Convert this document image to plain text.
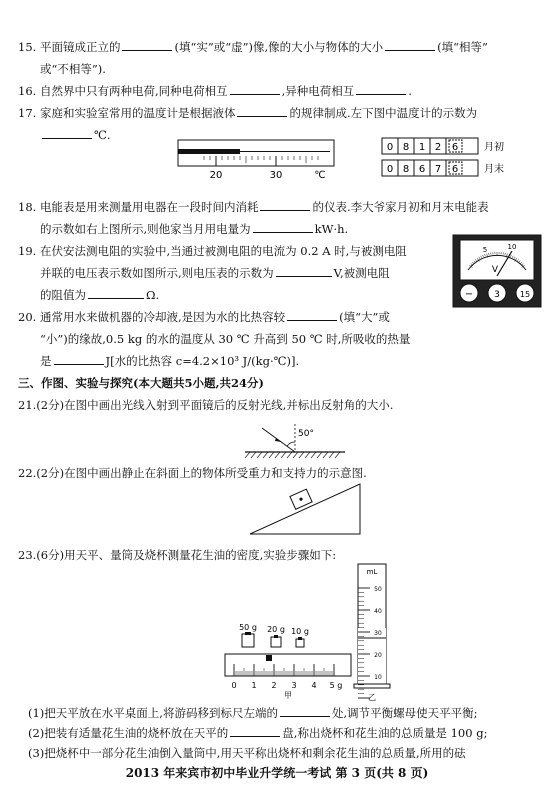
15. 平面镜成正立的	(填“实”或“虚”)像,像的大小与物体的大小	(填“相等”
或“不相等”).
16. 自然界中只有两种电荷,同种电荷相互	,异种电荷相互	.
17. 家庭和实验室常用的温度计是根据液体	的规律制成.左下图中温度计的示数为
℃.
20	30	℃
0 8 1 2 6	月初
0 8 6 7 6	月末
18. 电能表是用来测量用电器在一段时间内消耗	的仪表.李大爷家月初和月末电能表
的示数如右上图所示,则他家当月用电量为	kW·h.
19. 在伏安法测电阻的实验中,当通过被测电阻的电流为 0.2 A 时,与被测电阻
并联的电压表示数如图所示,则电压表的示数为	V,被测电阻
的阻值为	Ω.
5	10
V
− 3	15
20. 通常用水来做机器的冷却液,是因为水的比热容较	(填“大”或
“小”)的缘故,0.5 kg 的水的温度从 30 ℃ 升高到 50 ℃ 时,所吸收的热量
是	J[水的比热容 c=4.2×10³ J/(kg·℃)].
三、作图、实验与探究(本大题共5小题,共24分)
21.(2分)在图中画出光线入射到平面镜后的反射光线,并标出反射角的大小.
50°
22.(2分)在图中画出静止在斜面上的物体所受重力和支持力的示意图.
23.(6分)用天平、量筒及烧杯测量花生油的密度,实验步骤如下:
50 g 20 g 10 g
0 1 2 3 4 5 g
甲
mL
50
40
30
20
10
乙
(1)把天平放在水平桌面上,将游码移到标尺左端的	处,调节平衡螺母使天平平衡;
(2)把装有适量花生油的烧杯放在天平的	盘,称出烧杯和花生油的总质量是 100 g;
(3)把烧杯中一部分花生油倒入量筒中,用天平称出烧杯和剩余花生油的总质量,所用的砝
2013 年来宾市初中毕业升学统一考试 第 3 页(共 8 页)
